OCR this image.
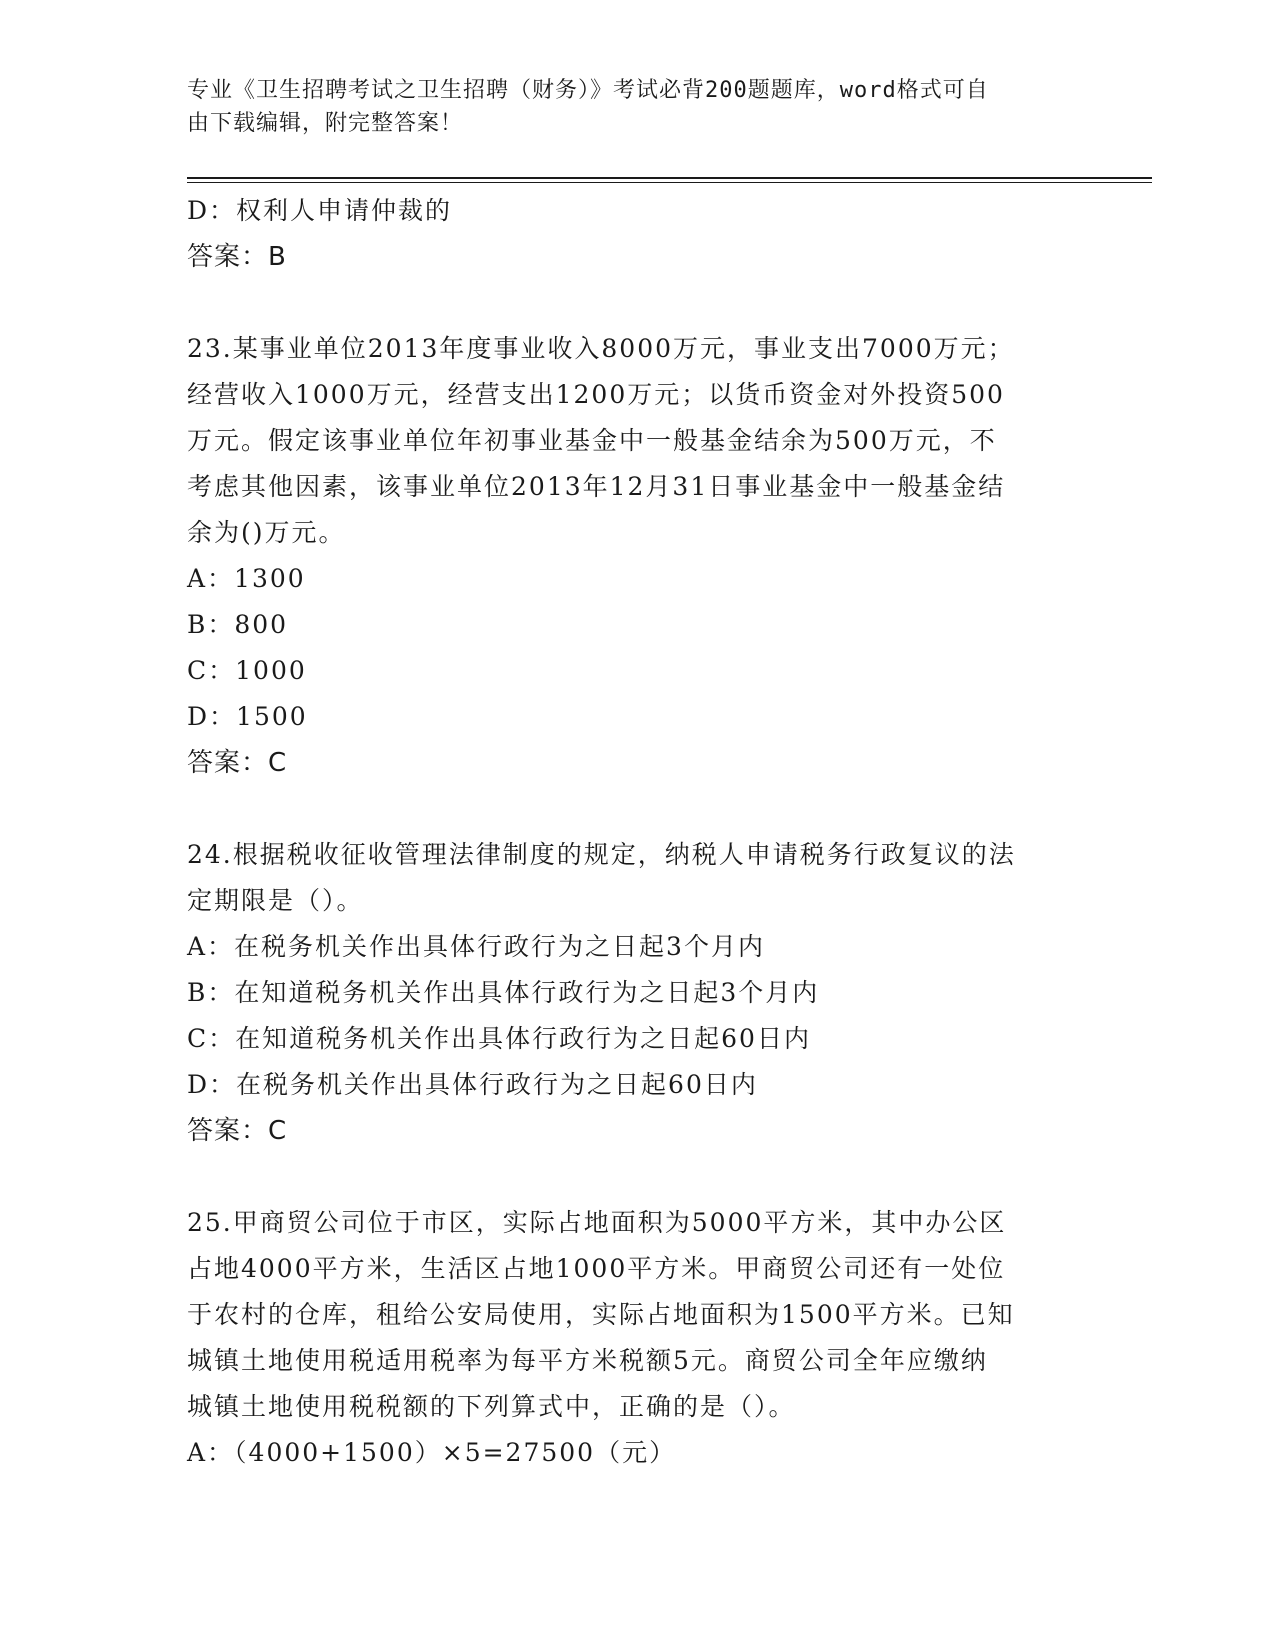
专业《卫生招聘考试之卫生招聘（财务）》考试必背200题题库，word格式可自
由下载编辑，附完整答案！
D：权利人申请仲裁的
答案：B
23.某事业单位2013年度事业收入8000万元，事业支出7000万元；
经营收入1000万元，经营支出1200万元；以货币资金对外投资500
万元。假定该事业单位年初事业基金中一般基金结余为500万元，不
考虑其他因素，该事业单位2013年12月31日事业基金中一般基金结
余为()万元。
A：1300
B：800
C：1000
D：1500
答案：C
24.根据税收征收管理法律制度的规定，纳税人申请税务行政复议的法
定期限是（）。
A：在税务机关作出具体行政行为之日起3个月内
B：在知道税务机关作出具体行政行为之日起3个月内
C：在知道税务机关作出具体行政行为之日起60日内
D：在税务机关作出具体行政行为之日起60日内
答案：C
25.甲商贸公司位于市区，实际占地面积为5000平方米，其中办公区
占地4000平方米，生活区占地1000平方米。甲商贸公司还有一处位
于农村的仓库，租给公安局使用，实际占地面积为1500平方米。已知
城镇土地使用税适用税率为每平方米税额5元。商贸公司全年应缴纳
城镇土地使用税税额的下列算式中，正确的是（）。
A：（4000+1500）×5=27500（元）
